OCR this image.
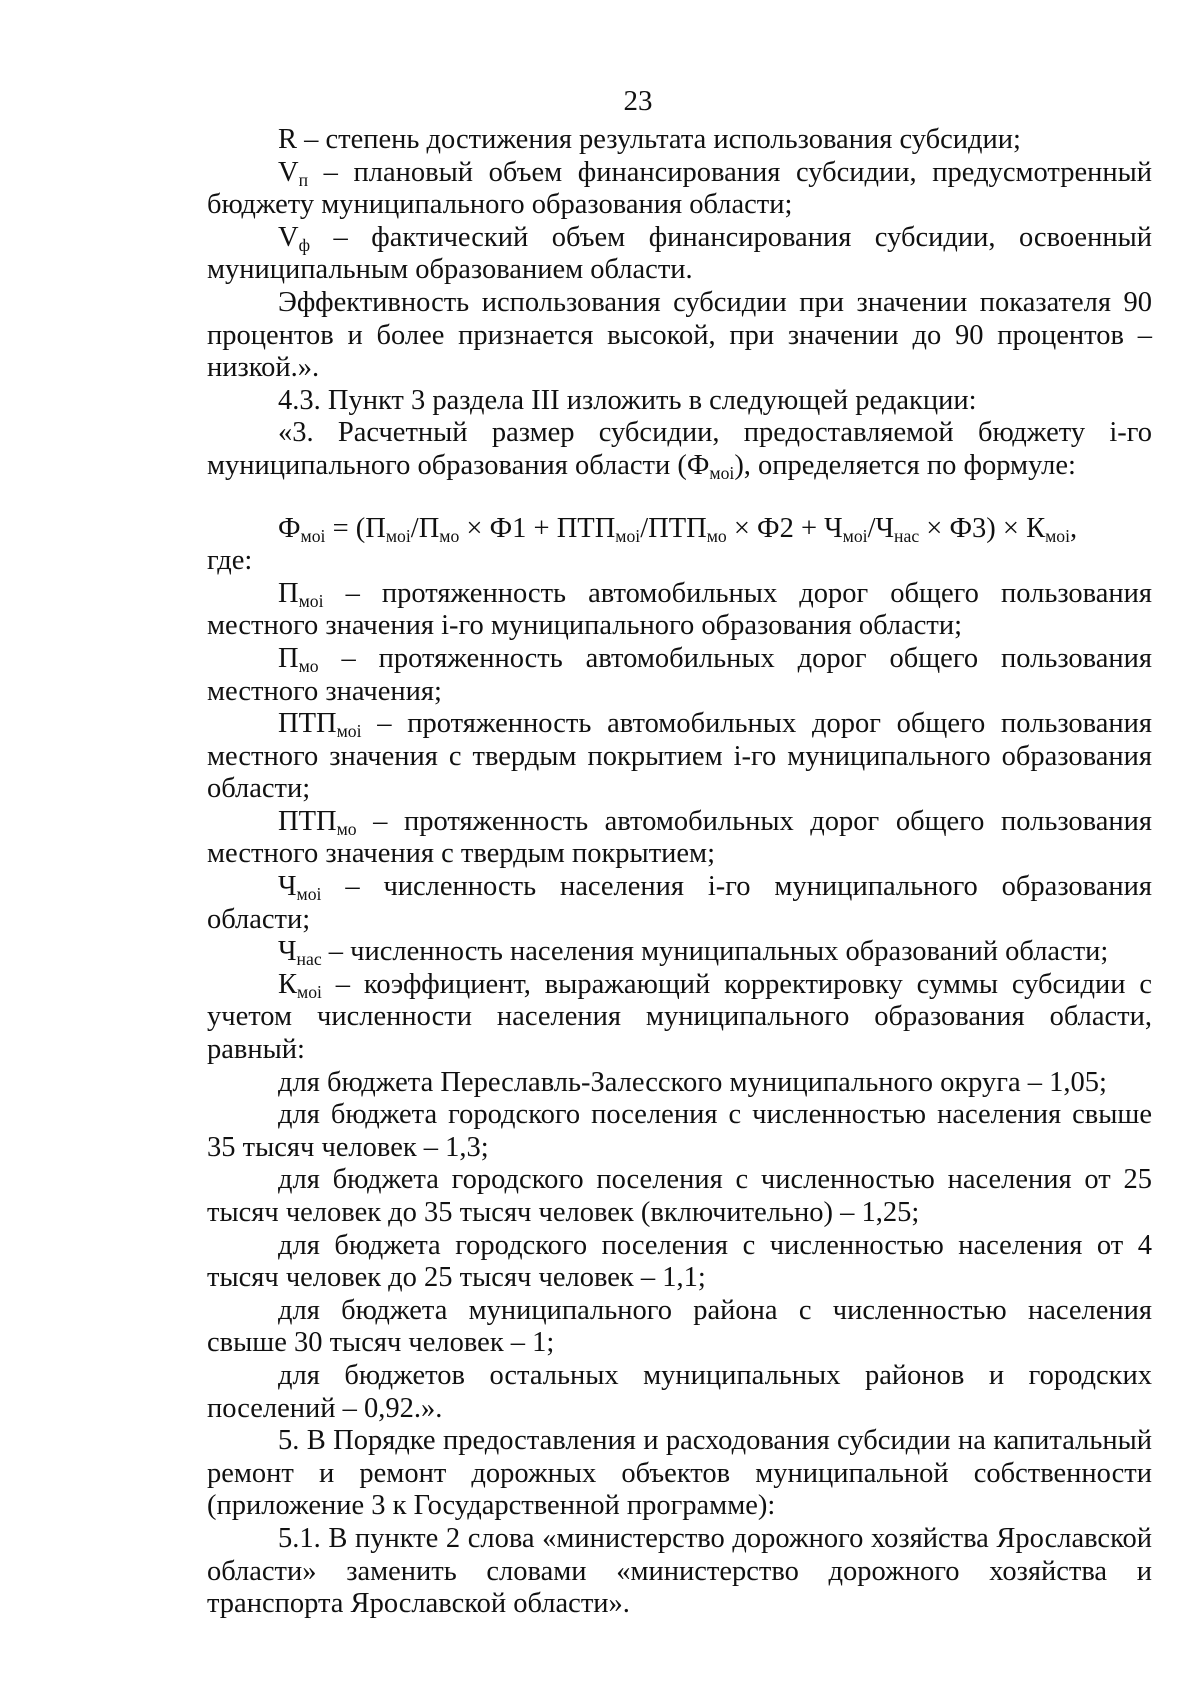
23

R – степень достижения результата использования субсидии;

$V_п$ – плановый объем финансирования субсидии, предусмотренный бюджету муниципального образования области;

$V_ф$ – фактический объем финансирования субсидии, освоенный муниципальным образованием области.

Эффективность использования субсидии при значении показателя 90 процентов и более признается высокой, при значении до 90 процентов – низкой.».

4.3. Пункт 3 раздела III изложить в следующей редакции:

«3. Расчетный размер субсидии, предоставляемой бюджету i-го муниципального образования области $(Ф_{моi})$, определяется по формуле:

$Ф_{моi} = (П_{моi}/П_{мо} \times Ф1 + ПТП_{моi}/ПТП_{мо} \times Ф2 + Ч_{моi}/Ч_{нас} \times Ф3) \times К_{моi}$,

где:

$П_{моi}$ – протяженность автомобильных дорог общего пользования местного значения i-го муниципального образования области;

$П_{мо}$ – протяженность автомобильных дорог общего пользования местного значения;

$ПТП_{моi}$ – протяженность автомобильных дорог общего пользования местного значения с твердым покрытием i-го муниципального образования области;

$ПТП_{мо}$ – протяженность автомобильных дорог общего пользования местного значения с твердым покрытием;

$Ч_{моi}$ – численность населения i-го муниципального образования области;

$Ч_{нас}$ – численность населения муниципальных образований области;

$К_{моi}$ – коэффициент, выражающий корректировку суммы субсидии с учетом численности населения муниципального образования области, равный:

для бюджета Переславль-Залесского муниципального округа – 1,05;

для бюджета городского поселения с численностью населения свыше 35 тысяч человек – 1,3;

для бюджета городского поселения с численностью населения от 25 тысяч человек до 35 тысяч человек (включительно) – 1,25;

для бюджета городского поселения с численностью населения от 4 тысяч человек до 25 тысяч человек – 1,1;

для бюджета муниципального района с численностью населения свыше 30 тысяч человек – 1;

для бюджетов остальных муниципальных районов и городских поселений – 0,92.».

5. В Порядке предоставления и расходования субсидии на капитальный ремонт и ремонт дорожных объектов муниципальной собственности (приложение 3 к Государственной программе):

5.1. В пункте 2 слова «министерство дорожного хозяйства Ярославской области» заменить словами «министерство дорожного хозяйства и транспорта Ярославской области».
